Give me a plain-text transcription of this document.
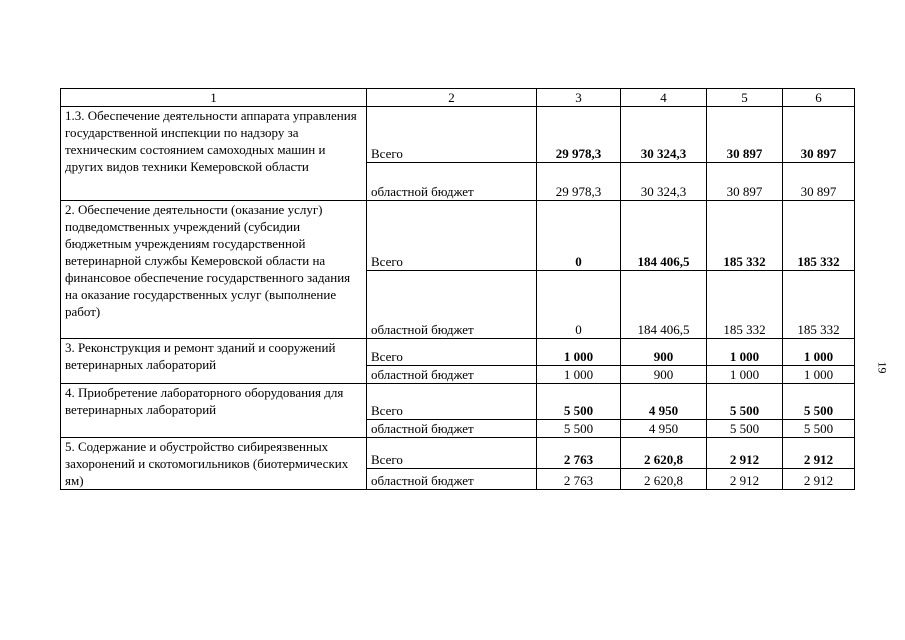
1	2	3	4	5	6
1.3. Обеспечение деятельности аппарата управления государственной инспекции по надзору за техническим состоянием самоходных машин и других видов техники Кемеровской области	Всего	29 978,3	30 324,3	30 897	30 897
	областной бюджет	29 978,3	30 324,3	30 897	30 897
2. Обеспечение деятельности (оказание услуг) подведомственных учреждений (субсидии бюджетным учреждениям государственной ветеринарной службы Кемеровской области на финансовое обеспечение государственного задания на оказание государственных услуг (выполнение работ)	Всего	0	184 406,5	185 332	185 332
	областной бюджет	0	184 406,5	185 332	185 332
3. Реконструкция и ремонт зданий и сооружений ветеринарных лабораторий	Всего	1 000	900	1 000	1 000
	областной бюджет	1 000	900	1 000	1 000
4. Приобретение лабораторного оборудования для ветеринарных лабораторий	Всего	5 500	4 950	5 500	5 500
	областной бюджет	5 500	4 950	5 500	5 500
5. Содержание и обустройство сибиреязвенных захоронений и скотомогильников (биотермических ям)	Всего	2 763	2 620,8	2 912	2 912
	областной бюджет	2 763	2 620,8	2 912	2 912
19
